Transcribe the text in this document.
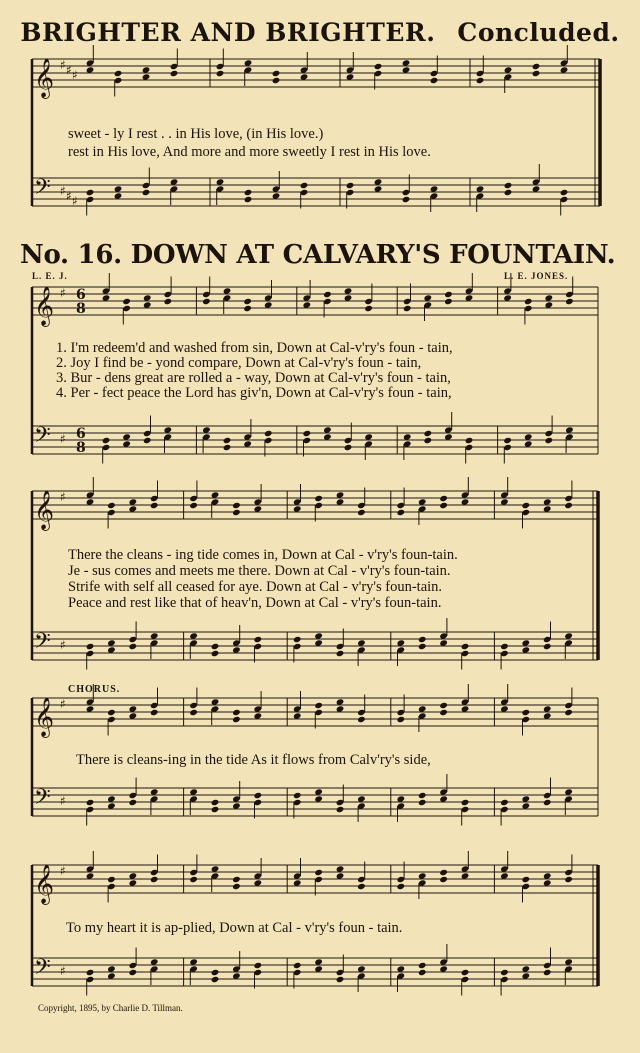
BRIGHTER AND BRIGHTER. Concluded.
sweet - ly I rest . . in His love, (in His love.)
rest in His love, And more and more sweetly I rest in His love.
No. 16. DOWN AT CALVARY'S FOUNTAIN.
L. E. J.	L. E. JONES.
1. I'm redeem'd and washed from sin, Down at Cal-v'ry's foun - tain,
2. Joy I find be - yond compare, Down at Cal-v'ry's foun - tain,
3. Bur - dens great are rolled a - way, Down at Cal-v'ry's foun - tain,
4. Per - fect peace the Lord has giv'n, Down at Cal-v'ry's foun - tain,
There the cleans - ing tide comes in, Down at Cal - v'ry's foun-tain.
Je - sus comes and meets me there. Down at Cal - v'ry's foun-tain.
Strife with self all ceased for aye. Down at Cal - v'ry's foun-tain.
Peace and rest like that of heav'n, Down at Cal - v'ry's foun-tain.
CHORUS.
There is cleans-ing in the tide As it flows from Calv'ry's side,
To my heart it is ap-plied, Down at Cal - v'ry's foun - tain.
Copyright, 1895, by Charlie D. Tillman.
𝄞
𝄢
♯
♯
♯
♯
♯
♯
𝄞
𝄢
♯
♯
6
6
8
8
𝄞
𝄢
♯
♯
𝄞
𝄢
♯
♯
𝄞
𝄢
♯
♯
